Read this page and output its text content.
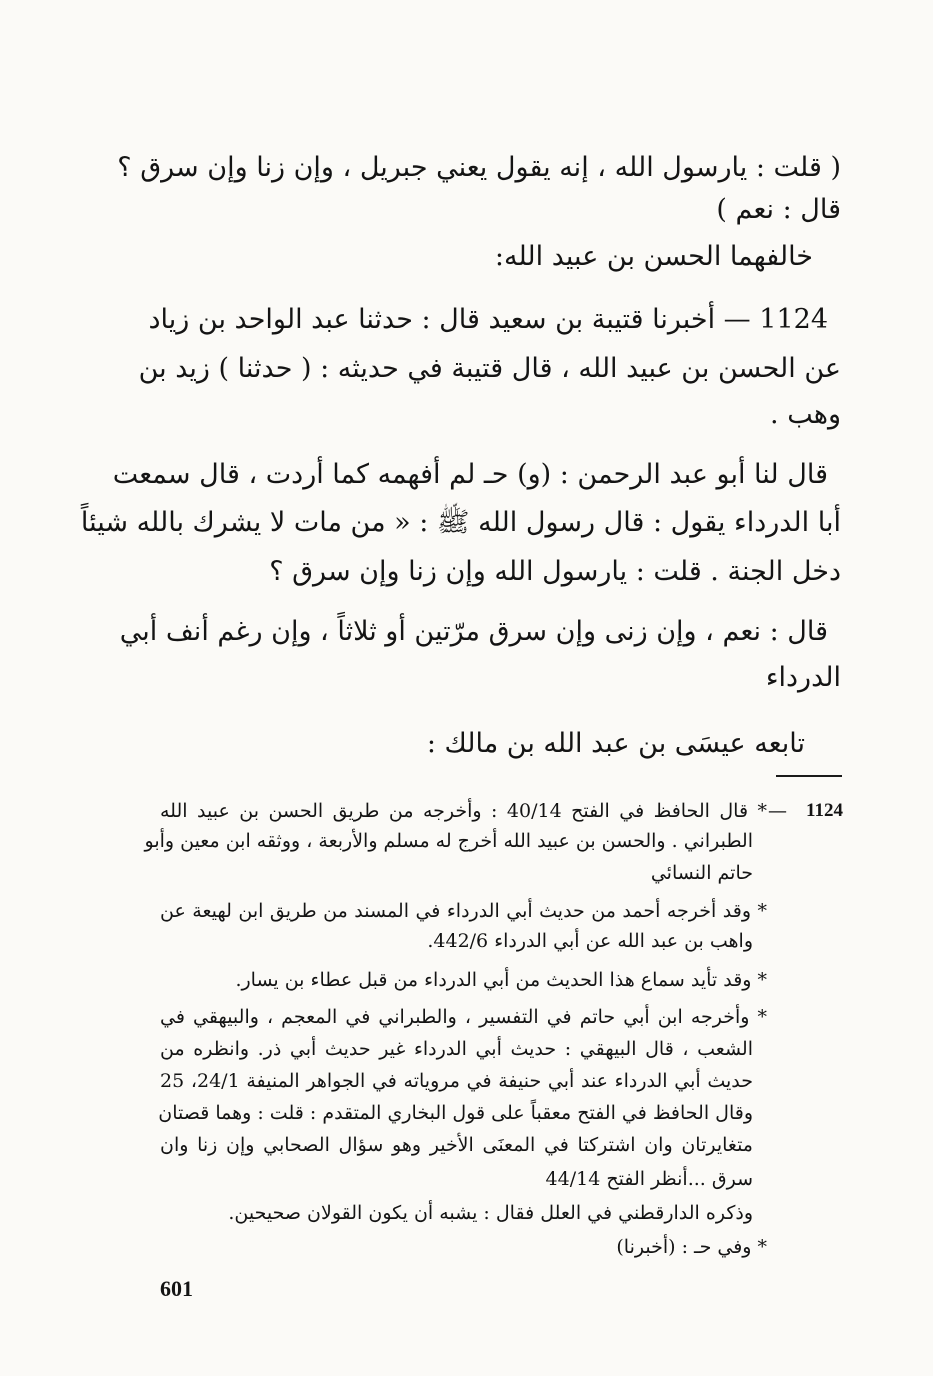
( قلت : يارسول الله ، إنه يقول يعني جبريل ، وإن زنا وإن سرق ؟
قال : نعم )
خالفهما الحسن بن عبيد الله:
1124 — أخبرنا قتيبة بن سعيد قال : حدثنا عبد الواحد بن زياد
عن الحسن بن عبيد الله ، قال قتيبة في حديثه : ( حدثنا ) زيد بن
وهب .
قال لنا أبو عبد الرحمن : (و) حـ لم أفهمه كما أردت ، قال سمعت
أبا الدرداء يقول : قال رسول الله ﷺ : « من مات لا يشرك بالله شيئاً
دخل الجنة . قلت : يارسول الله وإن زنا وإن سرق ؟
قال : نعم ، وإن زنى وإن سرق مرّتين أو ثلاثاً ، وإن رغم أنف أبي
الدرداء
تابعه عيسَى بن عبد الله بن مالك :
1124
—
* قال الحافظ في الفتح 40/14 : وأخرجه من طريق الحسن بن عبيد الله
الطبراني . والحسن بن عبيد الله أخرج له مسلم والأربعة ، ووثقه ابن معين وأبو
حاتم النسائي
* وقد أخرجه أحمد من حديث أبي الدرداء في المسند من طريق ابن لهيعة عن
واهب بن عبد الله عن أبي الدرداء 442/6.
* وقد تأيد سماع هذا الحديث من أبي الدرداء من قبل عطاء بن يسار.
* وأخرجه ابن أبي حاتم في التفسير ، والطبراني في المعجم ، والبيهقي في
الشعب ، قال البيهقي : حديث أبي الدرداء غير حديث أبي ذر. وانظره من
حديث أبي الدرداء عند أبي حنيفة في مروياته في الجواهر المنيفة 24/1، 25
وقال الحافظ في الفتح معقباً على قول البخاري المتقدم : قلت : وهما قصتان
متغايرتان وان اشتركتا في المعنَى الأخير وهو سؤال الصحابي وإن زنا وان
سرق ...أنظر الفتح 44/14
وذكره الدارقطني في العلل فقال : يشبه أن يكون القولان صحيحين.
* وفي حـ : (أخبرنا)
601
